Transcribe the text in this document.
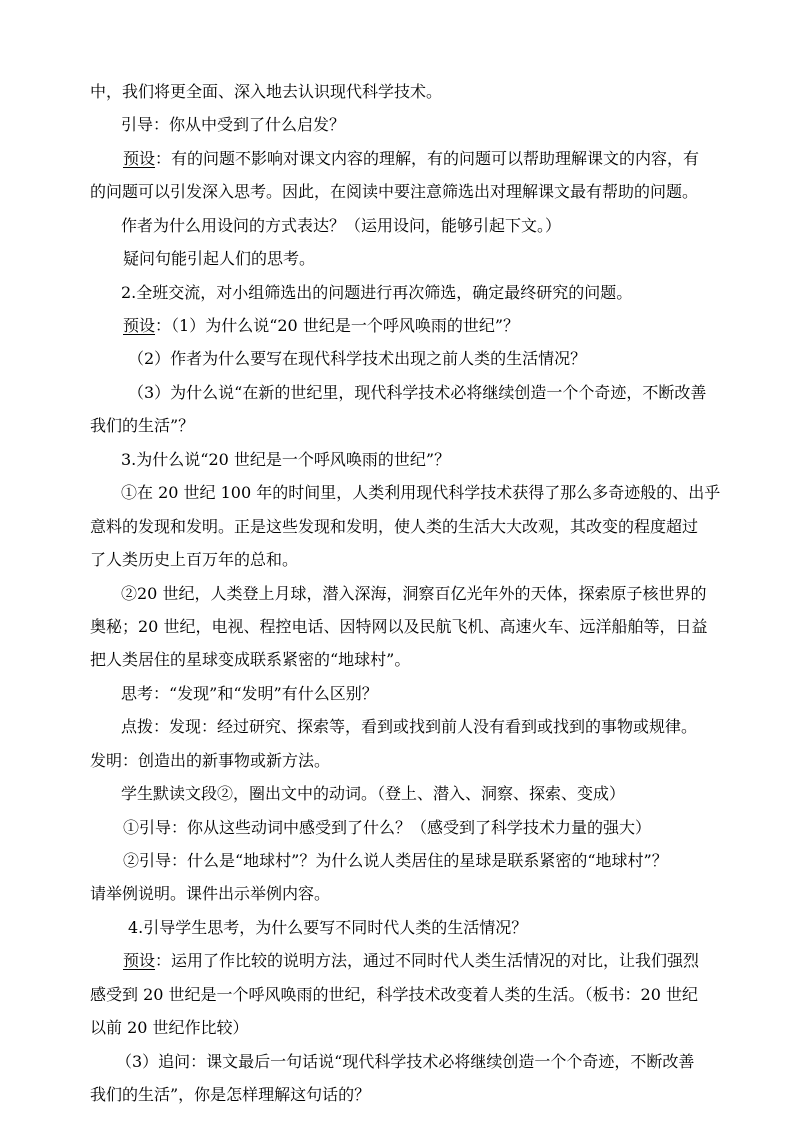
中，我们将更全面、深入地去认识现代科学技术。
引导：你从中受到了什么启发？
预设：有的问题不影响对课文内容的理解，有的问题可以帮助理解课文的内容，有
的问题可以引发深入思考。因此，在阅读中要注意筛选出对理解课文最有帮助的问题。
作者为什么用设问的方式表达？（运用设问，能够引起下文。）
疑问句能引起人们的思考。
2.全班交流，对小组筛选出的问题进行再次筛选，确定最终研究的问题。
预设：（1）为什么说“20 世纪是一个呼风唤雨的世纪”？
（2）作者为什么要写在现代科学技术出现之前人类的生活情况？
（3）为什么说“在新的世纪里，现代科学技术必将继续创造一个个奇迹，不断改善
我们的生活”？
3.为什么说“20 世纪是一个呼风唤雨的世纪”？
①在 20 世纪 100 年的时间里，人类利用现代科学技术获得了那么多奇迹般的、出乎
意料的发现和发明。正是这些发现和发明，使人类的生活大大改观，其改变的程度超过
了人类历史上百万年的总和。
②20 世纪，人类登上月球，潜入深海，洞察百亿光年外的天体，探索原子核世界的
奥秘；20 世纪，电视、程控电话、因特网以及民航飞机、高速火车、远洋船舶等，日益
把人类居住的星球变成联系紧密的“地球村”。
思考：“发现”和“发明”有什么区别？
点拨：发现：经过研究、探索等，看到或找到前人没有看到或找到的事物或规律。
发明：创造出的新事物或新方法。
学生默读文段②，圈出文中的动词。（登上、潜入、洞察、探索、变成）
①引导：你从这些动词中感受到了什么？（感受到了科学技术力量的强大）
②引导：什么是“地球村”？为什么说人类居住的星球是联系紧密的“地球村”？
请举例说明。课件出示举例内容。
4.引导学生思考，为什么要写不同时代人类的生活情况？
预设：运用了作比较的说明方法，通过不同时代人类生活情况的对比，让我们强烈
感受到 20 世纪是一个呼风唤雨的世纪，科学技术改变着人类的生活。（板书：20 世纪
以前 20 世纪作比较）
（3）追问：课文最后一句话说“现代科学技术必将继续创造一个个奇迹，不断改善
我们的生活”，你是怎样理解这句话的？
